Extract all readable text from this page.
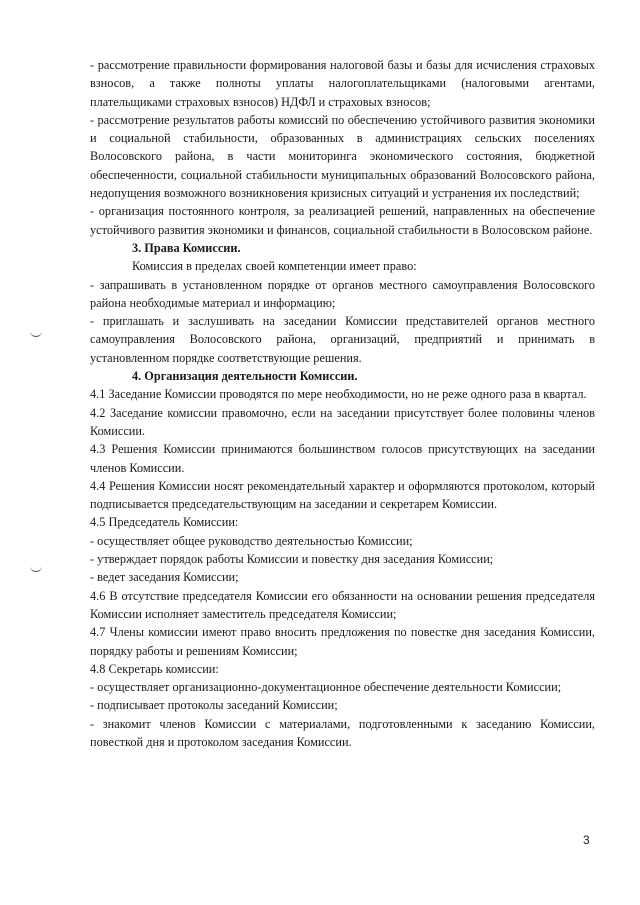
- рассмотрение правильности формирования налоговой базы и базы для исчисления страховых взносов, а также полноты уплаты налогоплательщиками (налоговыми агентами, плательщиками страховых взносов) НДФЛ и страховых взносов;

- рассмотрение результатов работы комиссий по обеспечению устойчивого развития экономики и социальной стабильности, образованных в администрациях сельских поселениях Волосовского района, в части мониторинга экономического состояния, бюджетной обеспеченности, социальной стабильности муниципальных образований Волосовского района, недопущения возможного возникновения кризисных ситуаций и устранения их последствий;

- организация постоянного контроля, за реализацией решений, направленных на обеспечение устойчивого развития экономики и финансов, социальной стабильности в Волосовском районе.

3. Права Комиссии.

Комиссия в пределах своей компетенции имеет право:

- запрашивать в установленном порядке от органов местного самоуправления Волосовского района необходимые материал и информацию;

- приглашать и заслушивать на заседании Комиссии представителей органов местного самоуправления Волосовского района, организаций, предприятий и принимать в установленном порядке соответствующие решения.

4. Организация деятельности Комиссии.

4.1 Заседание Комиссии проводятся по мере необходимости, но не реже одного раза в квартал.

4.2 Заседание комиссии правомочно, если на заседании присутствует более половины членов Комиссии.

4.3 Решения Комиссии принимаются большинством голосов присутствующих на заседании членов Комиссии.

4.4 Решения Комиссии носят рекомендательный характер и оформляются протоколом, который подписывается председательствующим на заседании и секретарем Комиссии.

4.5 Председатель Комиссии:

- осуществляет общее руководство деятельностью Комиссии;

- утверждает порядок работы Комиссии и повестку дня заседания Комиссии;

- ведет заседания Комиссии;

4.6 В отсутствие председателя Комиссии его обязанности на основании решения председателя Комиссии исполняет заместитель председателя Комиссии;

4.7 Члены комиссии имеют право вносить предложения по повестке дня заседания Комиссии, порядку работы и решениям Комиссии;

4.8 Секретарь комиссии:

- осуществляет организационно-документационное обеспечение деятельности Комиссии;

- подписывает протоколы заседаний Комиссии;

- знакомит членов Комиссии с материалами, подготовленными к заседанию Комиссии, повесткой дня и протоколом заседания Комиссии.

3
